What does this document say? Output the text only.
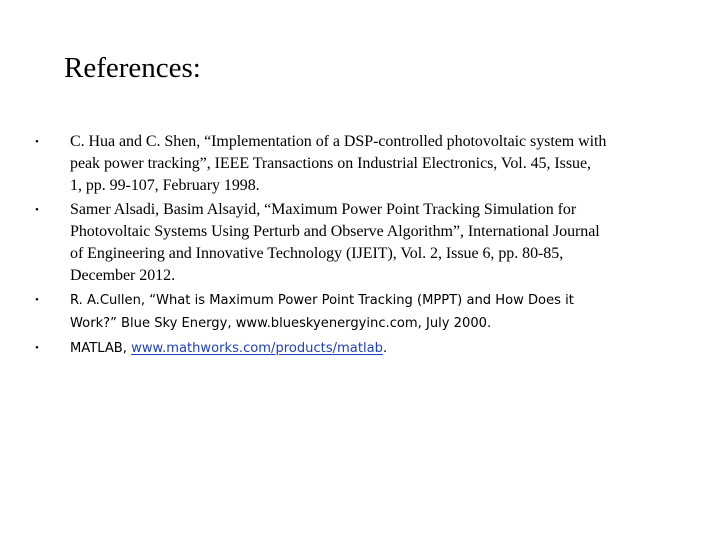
References:
• C. Hua and C. Shen, “Implementation of a DSP-controlled photovoltaic system with
peak power tracking”, IEEE Transactions on Industrial Electronics, Vol. 45, Issue,
1, pp. 99-107, February 1998.

• Samer Alsadi, Basim Alsayid, “Maximum Power Point Tracking Simulation for
Photovoltaic Systems Using Perturb and Observe Algorithm”, International Journal
of Engineering and Innovative Technology (IJEIT), Vol. 2, Issue 6, pp. 80-85,
December 2012.

• R. A.Cullen, “What is Maximum Power Point Tracking (MPPT) and How Does it
Work?” Blue Sky Energy, www.blueskyenergyinc.com, July 2000.

• MATLAB, www.mathworks.com/products/matlab.
